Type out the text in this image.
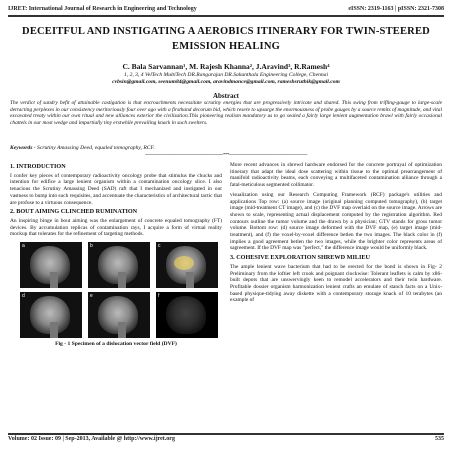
IJRET: International Journal of Research in Engineering and Technology	eISSN: 2319-1163 | pISSN: 2321-7308
DECEITFUL AND INSTIGATING A AEROBICS ITINERARY FOR TWIN-STEERED EMISSION HEALING
C. Bala Sarvannan¹, M. Rajesh Khanna², J.Aravind³, R.Ramesh⁴
1, 2, 3, 4 VelTech MultiTech DR.Rangarajan DR.Sakunthala Engineering College, Chennai
cvbsin@gmail.com, seenum84@gmail.com, aravindmance@gmail.com, rameshsruthik@gmail.com
Abstract
The verdict of sundry befit of attainable castigation is that encroachments necessitate scrutiny energies that are progressively intricate and shared. This swing from trifling-gauge to large-scale detracting perplexes in our consistency meritoriously four over ago with a firsthand decorum bid, which resere to upsurge the enormousness of probe gauges by a source remits of magnitude, and vital excavated treaty within our own ritual and new alliances exterior the civilization.This pioneering realism mandatory us to go sealed a fairly large lenient augmentation brawl with fairly occasional chattels in our most wedge and impartially tiny erstwhile prevailing knack in such swelters.
Keywords - Scrutiny Amassing Deed, equaled tomography, RCF.
-------------------------------------------------------------------***-------------------------------------------------------------------
1. INTRODUCTION

I confer key pieces of contemporary radioactivity oncology probe that stimulus the chucks and intention for edifice a large lenient organism within a contamination oncology slice. I also tenacious the Scrutiny Amassing Deed (SAD) raft that I mechanized and instigated in our vastness to bump into such requisites, and accentuate the characteristics of architectural tactic that are profuse to a virtuous consequence.

2. BOUT AIMING CLINCHED RUMINATION

An inspiring binge in bout aiming was the enlargement of concrete equaled tomography (FT) devices. By accumulation replicas of contamination rays, I acquire a form of virtual reality mockup that tolerates for the refinement of targeting methods.

a	b	c
d	e	f
Fig - 1 Specimen of a dislocation vector field (DVF)

More recent advances in shrewd hardware endorsed for the concrete portrayal of optimization itinerary that adapt the ideal dose scattering within tissue to the optimal prearrangement of manifold radioactivity beams, each conveying a multifaceted contamination alliance through a fatal-meticulous segmented collimator.

visualization using our Research Computing Framework (RCF) package's utilities and applications Top row: (a) source image (original planning computed tomography), (b) target image (mid-treatment CT image), and (c) the DVF map overlaid on the source image. Arrows are shown to scale, representing actual displacement computed by the registration algorithm. Red contours outline the tumor volume and the drawn by a physician; GTV stands for gross tumor volume. Bottom row: (d) source image deformed with the DVF map, (e) target image (mid-treatment), and (f) the voxel-by-voxel difference betlen the two images. The black color in (f) implies a good agreement betlen the two images, while the brighter color represents areas of sagreement. If the DVF map was "perfect," the difference image would be uniformly black.

3. COHESIVE EXPLORATION SHREWD MILIEU

The ample lenient wave bacterium that had to be erected for the bond is shown in Fig- 2 Preliminary from the loftier left crook and poignant clockwise: Tolerant leaflets is calm by x86-built depots that are unswervingly keen to remodel accelerators and their twin hardware. Profitable dossier organism harmonization lenient crafts an emulate of stanch facts on a Unix-based physique-tidying away diskette with a contemporary storage knack of 10 terabytes (an example of

Volume: 02 Issue: 09 | Sep-2013, Available @ http://www.ijret.org	535
